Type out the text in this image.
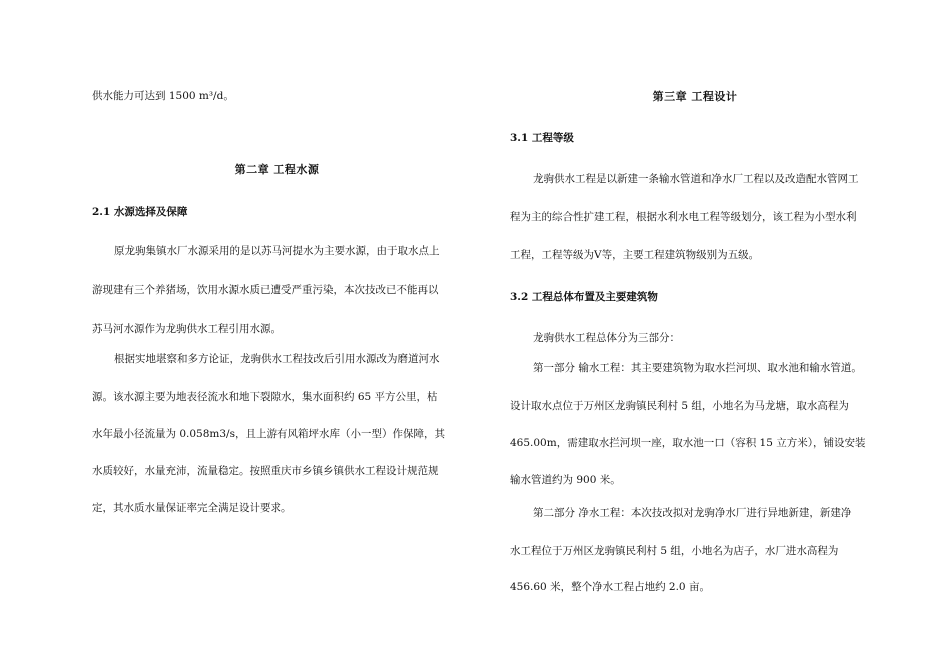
供水能力可达到 1500 m³/d。
第二章 工程水源
2.1 水源选择及保障
原龙驹集镇水厂水源采用的是以苏马河提水为主要水源，由于取水点上
游现建有三个养猪场，饮用水源水质已遭受严重污染，本次技改已不能再以
苏马河水源作为龙驹供水工程引用水源。
根据实地堪察和多方论证，龙驹供水工程技改后引用水源改为磨道河水
源。该水源主要为地表径流水和地下裂隙水，集水面积约 65 平方公里，枯
水年最小径流量为 0.058m3/s，且上游有风箱坪水库（小一型）作保障，其
水质较好，水量充沛，流量稳定。按照重庆市乡镇乡镇供水工程设计规范规
定，其水质水量保证率完全满足设计要求。
第三章 工程设计
3.1 工程等级
龙驹供水工程是以新建一条输水管道和净水厂工程以及改造配水管网工
程为主的综合性扩建工程，根据水利水电工程等级划分，该工程为小型水利
工程，工程等级为Ⅴ等，主要工程建筑物级别为五级。
3.2 工程总体布置及主要建筑物
龙驹供水工程总体分为三部分：
第一部分 输水工程：其主要建筑物为取水拦河坝、取水池和输水管道。
设计取水点位于万州区龙驹镇民利村 5 组，小地名为马龙塘，取水高程为
465.00m，需建取水拦河坝一座，取水池一口（容积 15 立方米），铺设安装
输水管道约为 900 米。
第二部分 净水工程：本次技改拟对龙驹净水厂进行异地新建，新建净
水工程位于万州区龙驹镇民利村 5 组，小地名为店子，水厂进水高程为
456.60 米，整个净水工程占地约 2.0 亩。
